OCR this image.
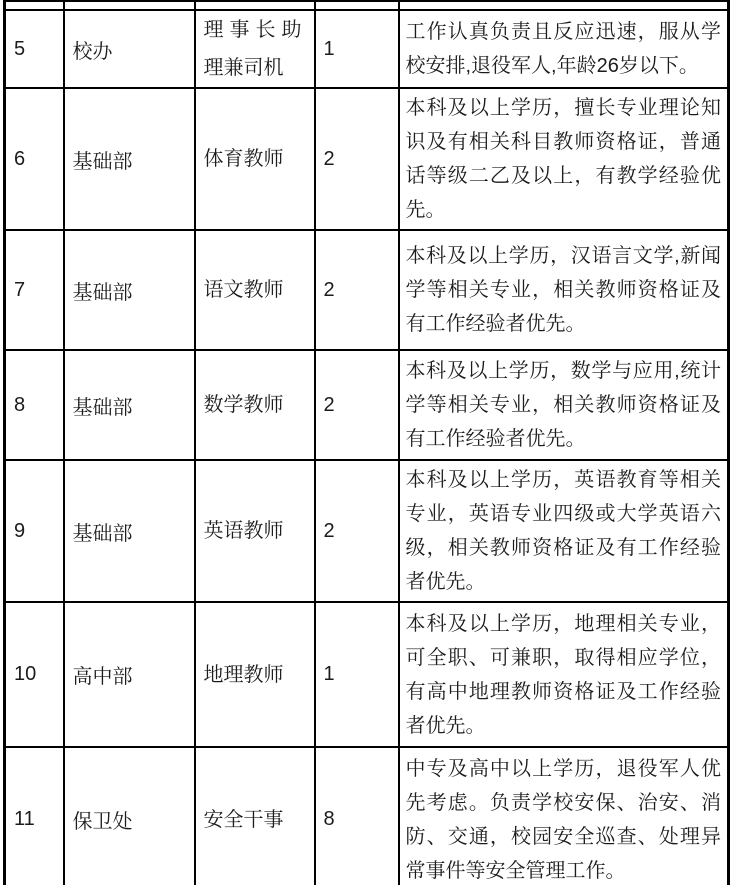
5	校办	理事长助理兼司机	1	工作认真负责且反应迅速，服从学校安排,退役军人,年龄26岁以下。
6	基础部	体育教师	2	本科及以上学历，擅长专业理论知识及有相关科目教师资格证，普通话等级二乙及以上，有教学经验优先。
7	基础部	语文教师	2	本科及以上学历，汉语言文学,新闻学等相关专业，相关教师资格证及有工作经验者优先。
8	基础部	数学教师	2	本科及以上学历，数学与应用,统计学等相关专业，相关教师资格证及有工作经验者优先。
9	基础部	英语教师	2	本科及以上学历，英语教育等相关专业，英语专业四级或大学英语六级，相关教师资格证及有工作经验者优先。
10	高中部	地理教师	1	本科及以上学历，地理相关专业，可全职、可兼职，取得相应学位，有高中地理教师资格证及工作经验者优先。
11	保卫处	安全干事	8	中专及高中以上学历，退役军人优先考虑。负责学校安保、治安、消防、交通，校园安全巡查、处理异常事件等安全管理工作。
